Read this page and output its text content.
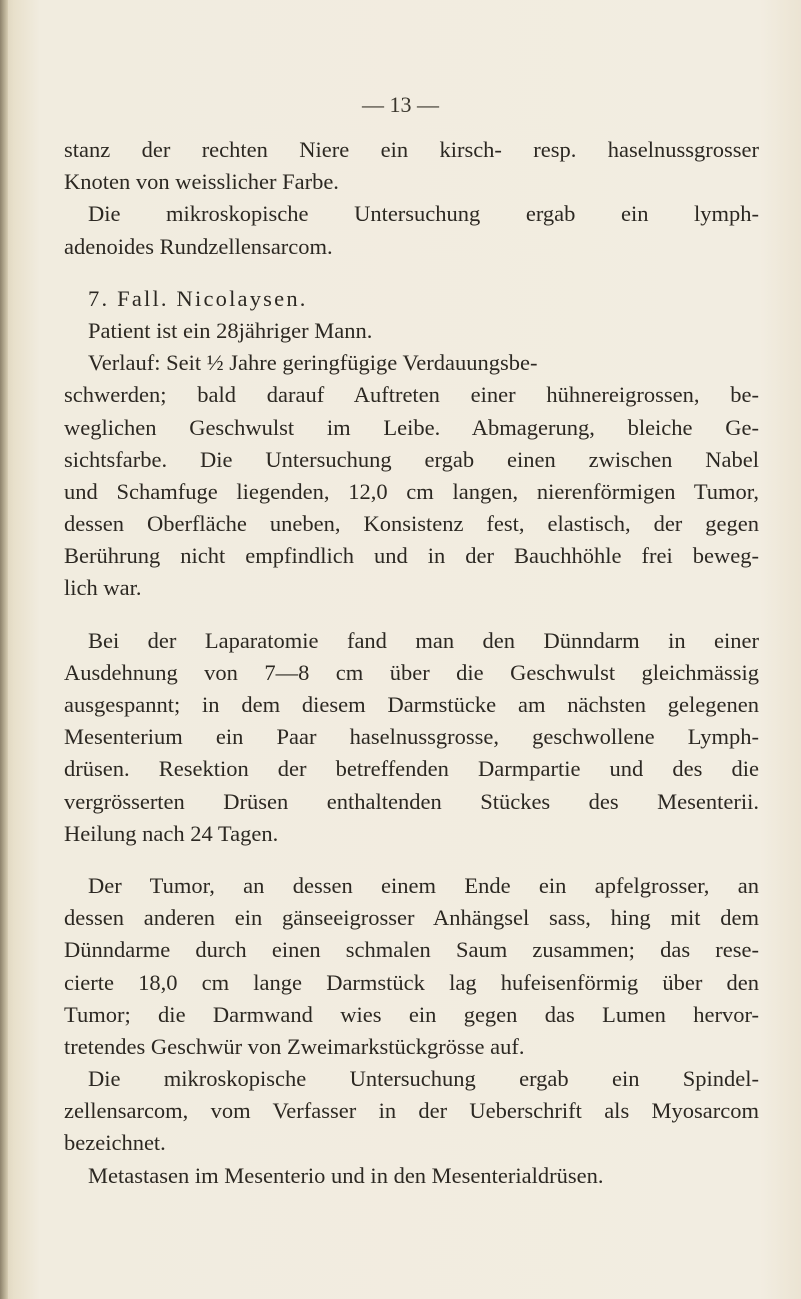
— 13 —
stanz der rechten Niere ein kirsch- resp. haselnussgrosser
Knoten von weisslicher Farbe.
Die mikroskopische Untersuchung ergab ein lymph-
adenoides Rundzellensarcom.
7. Fall. Nicolaysen.
Patient ist ein 28jähriger Mann.
Verlauf: Seit ½ Jahre geringfügige Verdauungsbe-
schwerden; bald darauf Auftreten einer hühnereigrossen, be-
weglichen Geschwulst im Leibe. Abmagerung, bleiche Ge-
sichtsfarbe. Die Untersuchung ergab einen zwischen Nabel
und Schamfuge liegenden, 12,0 cm langen, nierenförmigen Tumor,
dessen Oberfläche uneben, Konsistenz fest, elastisch, der gegen
Berührung nicht empfindlich und in der Bauchhöhle frei beweg-
lich war.
Bei der Laparatomie fand man den Dünndarm in einer
Ausdehnung von 7—8 cm über die Geschwulst gleichmässig
ausgespannt; in dem diesem Darmstücke am nächsten gelegenen
Mesenterium ein Paar haselnussgrosse, geschwollene Lymph-
drüsen. Resektion der betreffenden Darmpartie und des die
vergrösserten Drüsen enthaltenden Stückes des Mesenterii.
Heilung nach 24 Tagen.
Der Tumor, an dessen einem Ende ein apfelgrosser, an
dessen anderen ein gänseeigrosser Anhängsel sass, hing mit dem
Dünndarme durch einen schmalen Saum zusammen; das rese-
cierte 18,0 cm lange Darmstück lag hufeisenförmig über den
Tumor; die Darmwand wies ein gegen das Lumen hervor-
tretendes Geschwür von Zweimarkstückgrösse auf.
Die mikroskopische Untersuchung ergab ein Spindel-
zellensarcom, vom Verfasser in der Ueberschrift als Myosarcom
bezeichnet.
Metastasen im Mesenterio und in den Mesenterialdrüsen.
